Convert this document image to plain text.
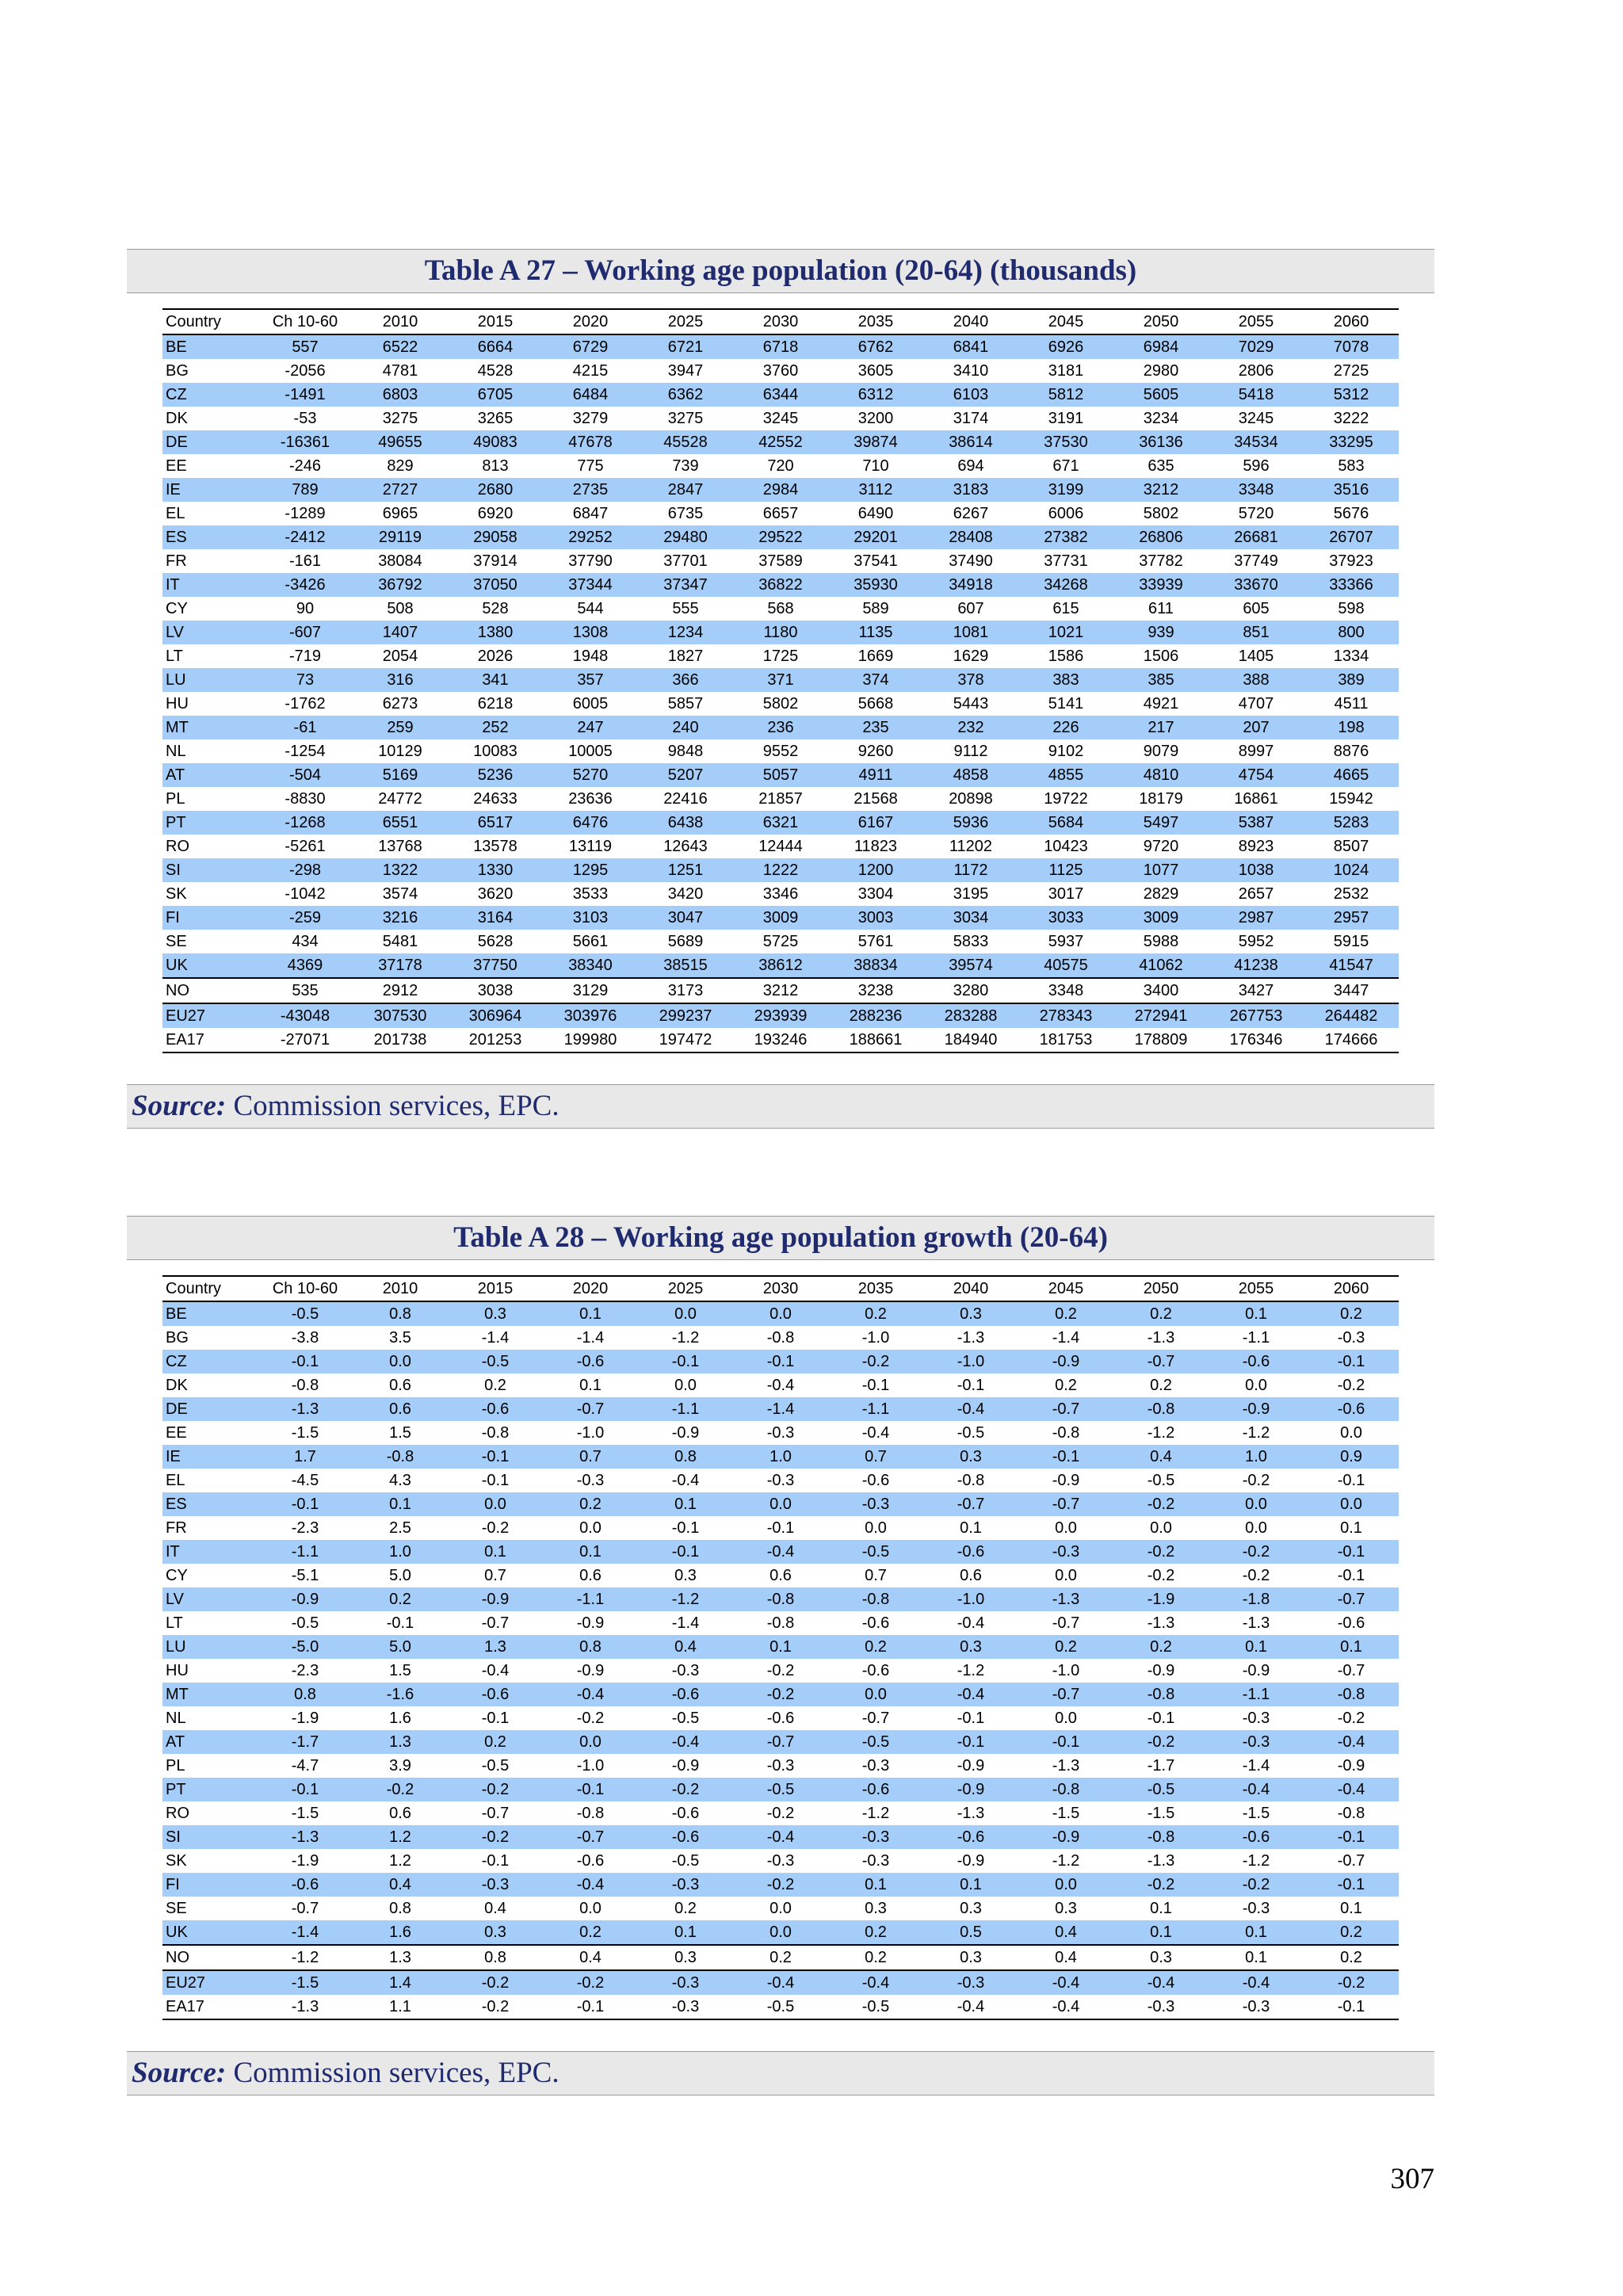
Table A 27 – Working age population (20-64) (thousands)
Country	Ch 10-60	2010	2015	2020	2025	2030	2035	2040	2045	2050	2055	2060
BE	557	6522	6664	6729	6721	6718	6762	6841	6926	6984	7029	7078
BG	-2056	4781	4528	4215	3947	3760	3605	3410	3181	2980	2806	2725
CZ	-1491	6803	6705	6484	6362	6344	6312	6103	5812	5605	5418	5312
DK	-53	3275	3265	3279	3275	3245	3200	3174	3191	3234	3245	3222
DE	-16361	49655	49083	47678	45528	42552	39874	38614	37530	36136	34534	33295
EE	-246	829	813	775	739	720	710	694	671	635	596	583
IE	789	2727	2680	2735	2847	2984	3112	3183	3199	3212	3348	3516
EL	-1289	6965	6920	6847	6735	6657	6490	6267	6006	5802	5720	5676
ES	-2412	29119	29058	29252	29480	29522	29201	28408	27382	26806	26681	26707
FR	-161	38084	37914	37790	37701	37589	37541	37490	37731	37782	37749	37923
IT	-3426	36792	37050	37344	37347	36822	35930	34918	34268	33939	33670	33366
CY	90	508	528	544	555	568	589	607	615	611	605	598
LV	-607	1407	1380	1308	1234	1180	1135	1081	1021	939	851	800
LT	-719	2054	2026	1948	1827	1725	1669	1629	1586	1506	1405	1334
LU	73	316	341	357	366	371	374	378	383	385	388	389
HU	-1762	6273	6218	6005	5857	5802	5668	5443	5141	4921	4707	4511
MT	-61	259	252	247	240	236	235	232	226	217	207	198
NL	-1254	10129	10083	10005	9848	9552	9260	9112	9102	9079	8997	8876
AT	-504	5169	5236	5270	5207	5057	4911	4858	4855	4810	4754	4665
PL	-8830	24772	24633	23636	22416	21857	21568	20898	19722	18179	16861	15942
PT	-1268	6551	6517	6476	6438	6321	6167	5936	5684	5497	5387	5283
RO	-5261	13768	13578	13119	12643	12444	11823	11202	10423	9720	8923	8507
SI	-298	1322	1330	1295	1251	1222	1200	1172	1125	1077	1038	1024
SK	-1042	3574	3620	3533	3420	3346	3304	3195	3017	2829	2657	2532
FI	-259	3216	3164	3103	3047	3009	3003	3034	3033	3009	2987	2957
SE	434	5481	5628	5661	5689	5725	5761	5833	5937	5988	5952	5915
UK	4369	37178	37750	38340	38515	38612	38834	39574	40575	41062	41238	41547
NO	535	2912	3038	3129	3173	3212	3238	3280	3348	3400	3427	3447
EU27	-43048	307530	306964	303976	299237	293939	288236	283288	278343	272941	267753	264482
EA17	-27071	201738	201253	199980	197472	193246	188661	184940	181753	178809	176346	174666
Source: Commission services, EPC.
Table A 28 – Working age population growth (20-64)
Country	Ch 10-60	2010	2015	2020	2025	2030	2035	2040	2045	2050	2055	2060
BE	-0.5	0.8	0.3	0.1	0.0	0.0	0.2	0.3	0.2	0.2	0.1	0.2
BG	-3.8	3.5	-1.4	-1.4	-1.2	-0.8	-1.0	-1.3	-1.4	-1.3	-1.1	-0.3
CZ	-0.1	0.0	-0.5	-0.6	-0.1	-0.1	-0.2	-1.0	-0.9	-0.7	-0.6	-0.1
DK	-0.8	0.6	0.2	0.1	0.0	-0.4	-0.1	-0.1	0.2	0.2	0.0	-0.2
DE	-1.3	0.6	-0.6	-0.7	-1.1	-1.4	-1.1	-0.4	-0.7	-0.8	-0.9	-0.6
EE	-1.5	1.5	-0.8	-1.0	-0.9	-0.3	-0.4	-0.5	-0.8	-1.2	-1.2	0.0
IE	1.7	-0.8	-0.1	0.7	0.8	1.0	0.7	0.3	-0.1	0.4	1.0	0.9
EL	-4.5	4.3	-0.1	-0.3	-0.4	-0.3	-0.6	-0.8	-0.9	-0.5	-0.2	-0.1
ES	-0.1	0.1	0.0	0.2	0.1	0.0	-0.3	-0.7	-0.7	-0.2	0.0	0.0
FR	-2.3	2.5	-0.2	0.0	-0.1	-0.1	0.0	0.1	0.0	0.0	0.0	0.1
IT	-1.1	1.0	0.1	0.1	-0.1	-0.4	-0.5	-0.6	-0.3	-0.2	-0.2	-0.1
CY	-5.1	5.0	0.7	0.6	0.3	0.6	0.7	0.6	0.0	-0.2	-0.2	-0.1
LV	-0.9	0.2	-0.9	-1.1	-1.2	-0.8	-0.8	-1.0	-1.3	-1.9	-1.8	-0.7
LT	-0.5	-0.1	-0.7	-0.9	-1.4	-0.8	-0.6	-0.4	-0.7	-1.3	-1.3	-0.6
LU	-5.0	5.0	1.3	0.8	0.4	0.1	0.2	0.3	0.2	0.2	0.1	0.1
HU	-2.3	1.5	-0.4	-0.9	-0.3	-0.2	-0.6	-1.2	-1.0	-0.9	-0.9	-0.7
MT	0.8	-1.6	-0.6	-0.4	-0.6	-0.2	0.0	-0.4	-0.7	-0.8	-1.1	-0.8
NL	-1.9	1.6	-0.1	-0.2	-0.5	-0.6	-0.7	-0.1	0.0	-0.1	-0.3	-0.2
AT	-1.7	1.3	0.2	0.0	-0.4	-0.7	-0.5	-0.1	-0.1	-0.2	-0.3	-0.4
PL	-4.7	3.9	-0.5	-1.0	-0.9	-0.3	-0.3	-0.9	-1.3	-1.7	-1.4	-0.9
PT	-0.1	-0.2	-0.2	-0.1	-0.2	-0.5	-0.6	-0.9	-0.8	-0.5	-0.4	-0.4
RO	-1.5	0.6	-0.7	-0.8	-0.6	-0.2	-1.2	-1.3	-1.5	-1.5	-1.5	-0.8
SI	-1.3	1.2	-0.2	-0.7	-0.6	-0.4	-0.3	-0.6	-0.9	-0.8	-0.6	-0.1
SK	-1.9	1.2	-0.1	-0.6	-0.5	-0.3	-0.3	-0.9	-1.2	-1.3	-1.2	-0.7
FI	-0.6	0.4	-0.3	-0.4	-0.3	-0.2	0.1	0.1	0.0	-0.2	-0.2	-0.1
SE	-0.7	0.8	0.4	0.0	0.2	0.0	0.3	0.3	0.3	0.1	-0.3	0.1
UK	-1.4	1.6	0.3	0.2	0.1	0.0	0.2	0.5	0.4	0.1	0.1	0.2
NO	-1.2	1.3	0.8	0.4	0.3	0.2	0.2	0.3	0.4	0.3	0.1	0.2
EU27	-1.5	1.4	-0.2	-0.2	-0.3	-0.4	-0.4	-0.3	-0.4	-0.4	-0.4	-0.2
EA17	-1.3	1.1	-0.2	-0.1	-0.3	-0.5	-0.5	-0.4	-0.4	-0.3	-0.3	-0.1
Source: Commission services, EPC.
307
